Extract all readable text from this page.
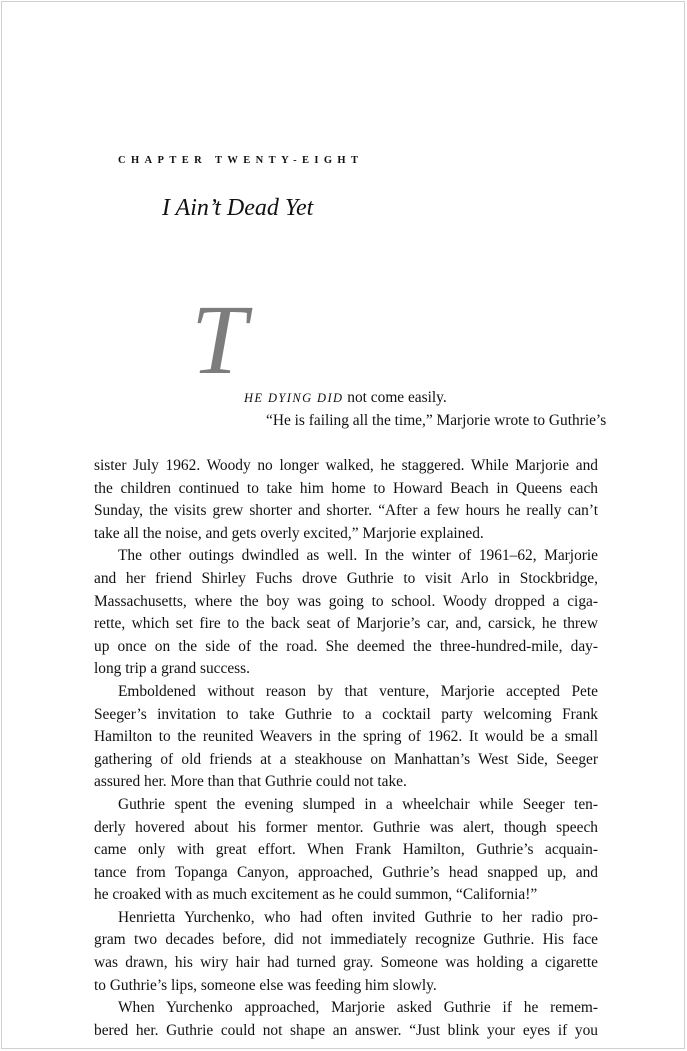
CHAPTER TWENTY-EIGHT
I Ain’t Dead Yet
T
HE DYING DID not come easily.
“He is failing all the time,” Marjorie wrote to Guthrie’s
sister July 1962. Woody no longer walked, he staggered. While Marjorie and
the children continued to take him home to Howard Beach in Queens each
Sunday, the visits grew shorter and shorter. “After a few hours he really can’t
take all the noise, and gets overly excited,” Marjorie explained.
The other outings dwindled as well. In the winter of 1961–62, Marjorie
and her friend Shirley Fuchs drove Guthrie to visit Arlo in Stockbridge,
Massachusetts, where the boy was going to school. Woody dropped a ciga-
rette, which set fire to the back seat of Marjorie’s car, and, carsick, he threw
up once on the side of the road. She deemed the three-hundred-mile, day-
long trip a grand success.
Emboldened without reason by that venture, Marjorie accepted Pete
Seeger’s invitation to take Guthrie to a cocktail party welcoming Frank
Hamilton to the reunited Weavers in the spring of 1962. It would be a small
gathering of old friends at a steakhouse on Manhattan’s West Side, Seeger
assured her. More than that Guthrie could not take.
Guthrie spent the evening slumped in a wheelchair while Seeger ten-
derly hovered about his former mentor. Guthrie was alert, though speech
came only with great effort. When Frank Hamilton, Guthrie’s acquain-
tance from Topanga Canyon, approached, Guthrie’s head snapped up, and
he croaked with as much excitement as he could summon, “California!”
Henrietta Yurchenko, who had often invited Guthrie to her radio pro-
gram two decades before, did not immediately recognize Guthrie. His face
was drawn, his wiry hair had turned gray. Someone was holding a cigarette
to Guthrie’s lips, someone else was feeding him slowly.
When Yurchenko approached, Marjorie asked Guthrie if he remem-
bered her. Guthrie could not shape an answer. “Just blink your eyes if you
